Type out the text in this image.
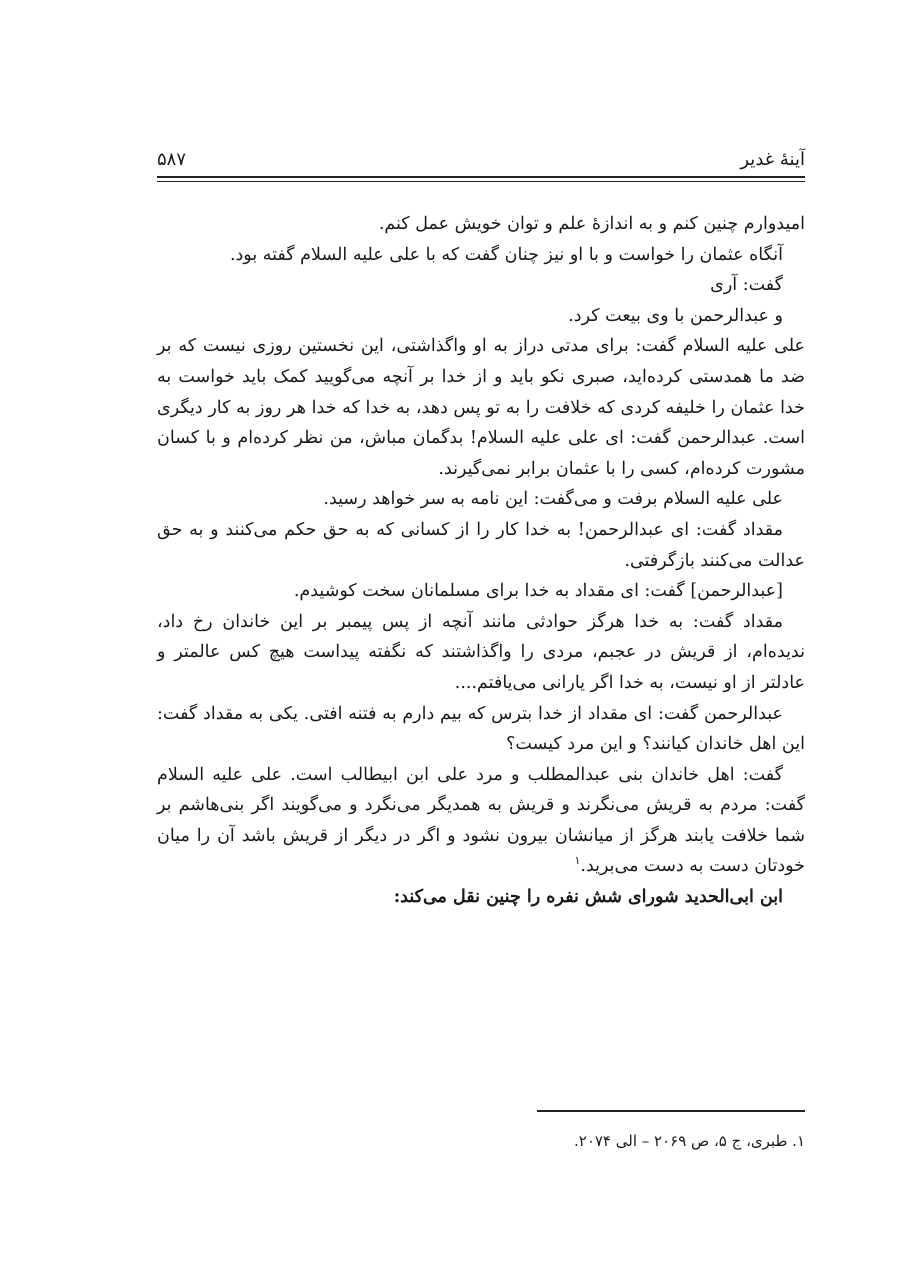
آینهٔ غدیر
۵۸۷

امیدوارم چنین کنم و به اندازهٔ علم و توان خویش عمل کنم.

آنگاه عثمان را خواست و با او نیز چنان گفت که با علی علیه السلام گفته بود.

گفت: آری

و عبدالرحمن با وی بیعت کرد.

علی علیه السلام گفت: برای مدتی دراز به او واگذاشتی، این نخستین روزی نیست که بر ضد ما همدستی کرده‌اید، صبری نکو باید و از خدا بر آنچه می‌گویید کمک باید خواست به خدا عثمان را خلیفه کردی که خلافت را به تو پس دهد، به خدا که خدا هر روز به کار دیگری است. عبدالرحمن گفت: ای علی علیه السلام! بدگمان مباش، من نظر کرده‌ام و با کسان مشورت کرده‌ام، کسی را با عثمان برابر نمی‌گیرند.

علی علیه السلام برفت و می‌گفت: این نامه به سر خواهد رسید.

مقداد گفت: ای عبدالرحمن! به خدا کار را از کسانی که به حق حکم می‌کنند و به حق عدالت می‌کنند بازگرفتی.

[عبدالرحمن] گفت: ای مقداد به خدا برای مسلمانان سخت کوشیدم.

مقداد گفت: به خدا هرگز حوادثی مانند آنچه از پس پیمبر بر این خاندان رخ داد، ندیده‌ام، از قریش در عجبم، مردی را واگذاشتند که نگفته پیداست هیچ کس عالمتر و عادلتر از او نیست، به خدا اگر یارانی می‌یافتم....

عبدالرحمن گفت: ای مقداد از خدا بترس که بیم دارم به فتنه افتی. یکی به مقداد گفت: این اهل خاندان کیانند؟ و این مرد کیست؟

گفت: اهل خاندان بنی عبدالمطلب و مرد علی ابن ابیطالب است. علی علیه السلام گفت: مردم به قریش می‌نگرند و قریش به همدیگر می‌نگرد و می‌گویند اگر بنی‌هاشم بر شما خلافت یابند هرگز از میانشان بیرون نشود و اگر در دیگر از قریش باشد آن را میان خودتان دست به دست می‌برید.$^۱$

ابن ابی‌الحدید شورای شش نفره را چنین نقل می‌کند:

۱. طبری، ج ۵، ص ۲۰۶۹ – الی ۲۰۷۴.
